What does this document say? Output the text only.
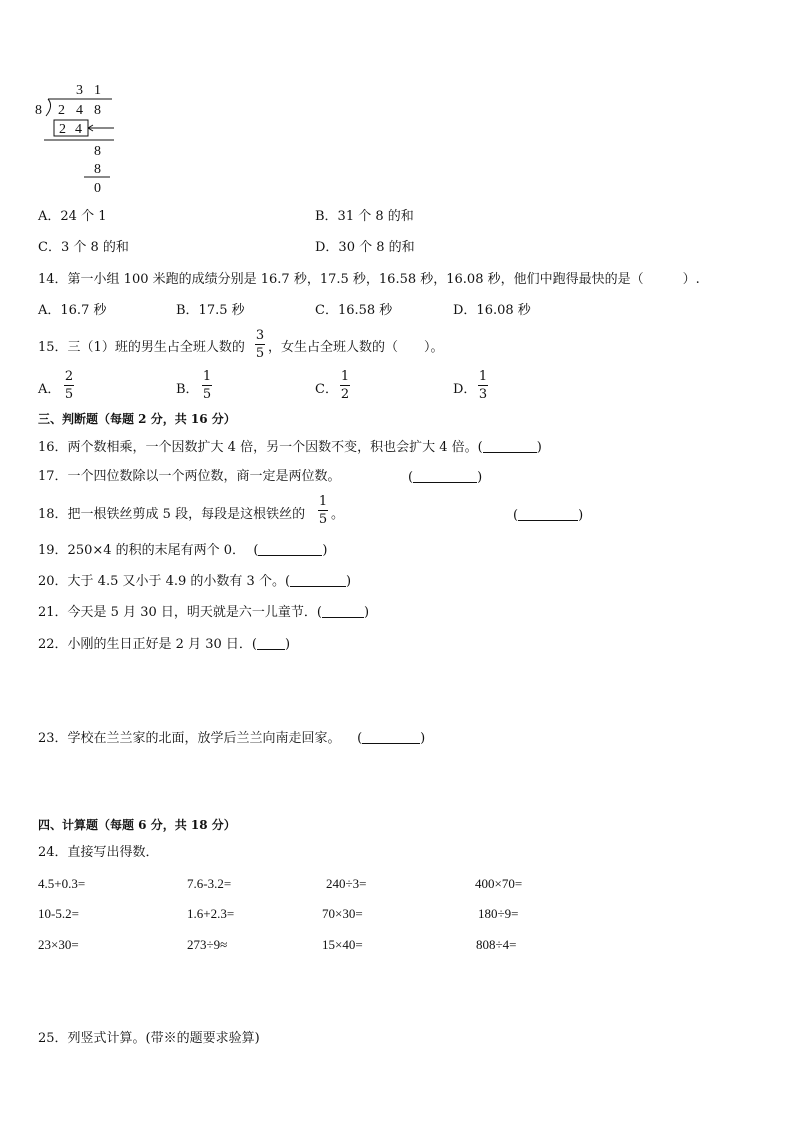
3 1
8 2 4 8
2 4
8
8
0
A．24 个 1	B．31 个 8 的和
C．3 个 8 的和	D．30 个 8 的和
14．第一小组 100 米跑的成绩分别是 16.7 秒，17.5 秒，16.58 秒，16.08 秒，他们中跑得最快的是（　　　）.
A．16.7 秒	B．17.5 秒	C．16.58 秒	D．16.08 秒
15．三（1）班的男生占全班人数的
3
5 ，女生占全班人数的（　　）。
A．
2
5	B．
1
5	C．
1
2	D．
1
3
三、判断题（每题 2 分，共 16 分）
16．两个数相乘，一个因数扩大 4 倍，另一个因数不变，积也会扩大 4 倍。(	)
17．一个四位数除以一个两位数，商一定是两位数。	(	)
18．把一根铁丝剪成 5 段，每段是这根铁丝的
1
5 。	(	)
19．250×4 的积的末尾有两个 0． (	)
20．大于 4.5 又小于 4.9 的小数有 3 个。(	)
21．今天是 5 月 30 日，明天就是六一儿童节．(	)
22．小刚的生日正好是 2 月 30 日．( )
23．学校在兰兰家的北面，放学后兰兰向南走回家。 (	)
四、计算题（每题 6 分，共 18 分）
24．直接写出得数．
4.5+0.3=	7.6-3.2=	240÷3=	400×70=
10-5.2=	1.6+2.3=	70×30=	180÷9=
23×30=	273÷9≈	15×40=	808÷4=
25．列竖式计算。(带※的题要求验算)
